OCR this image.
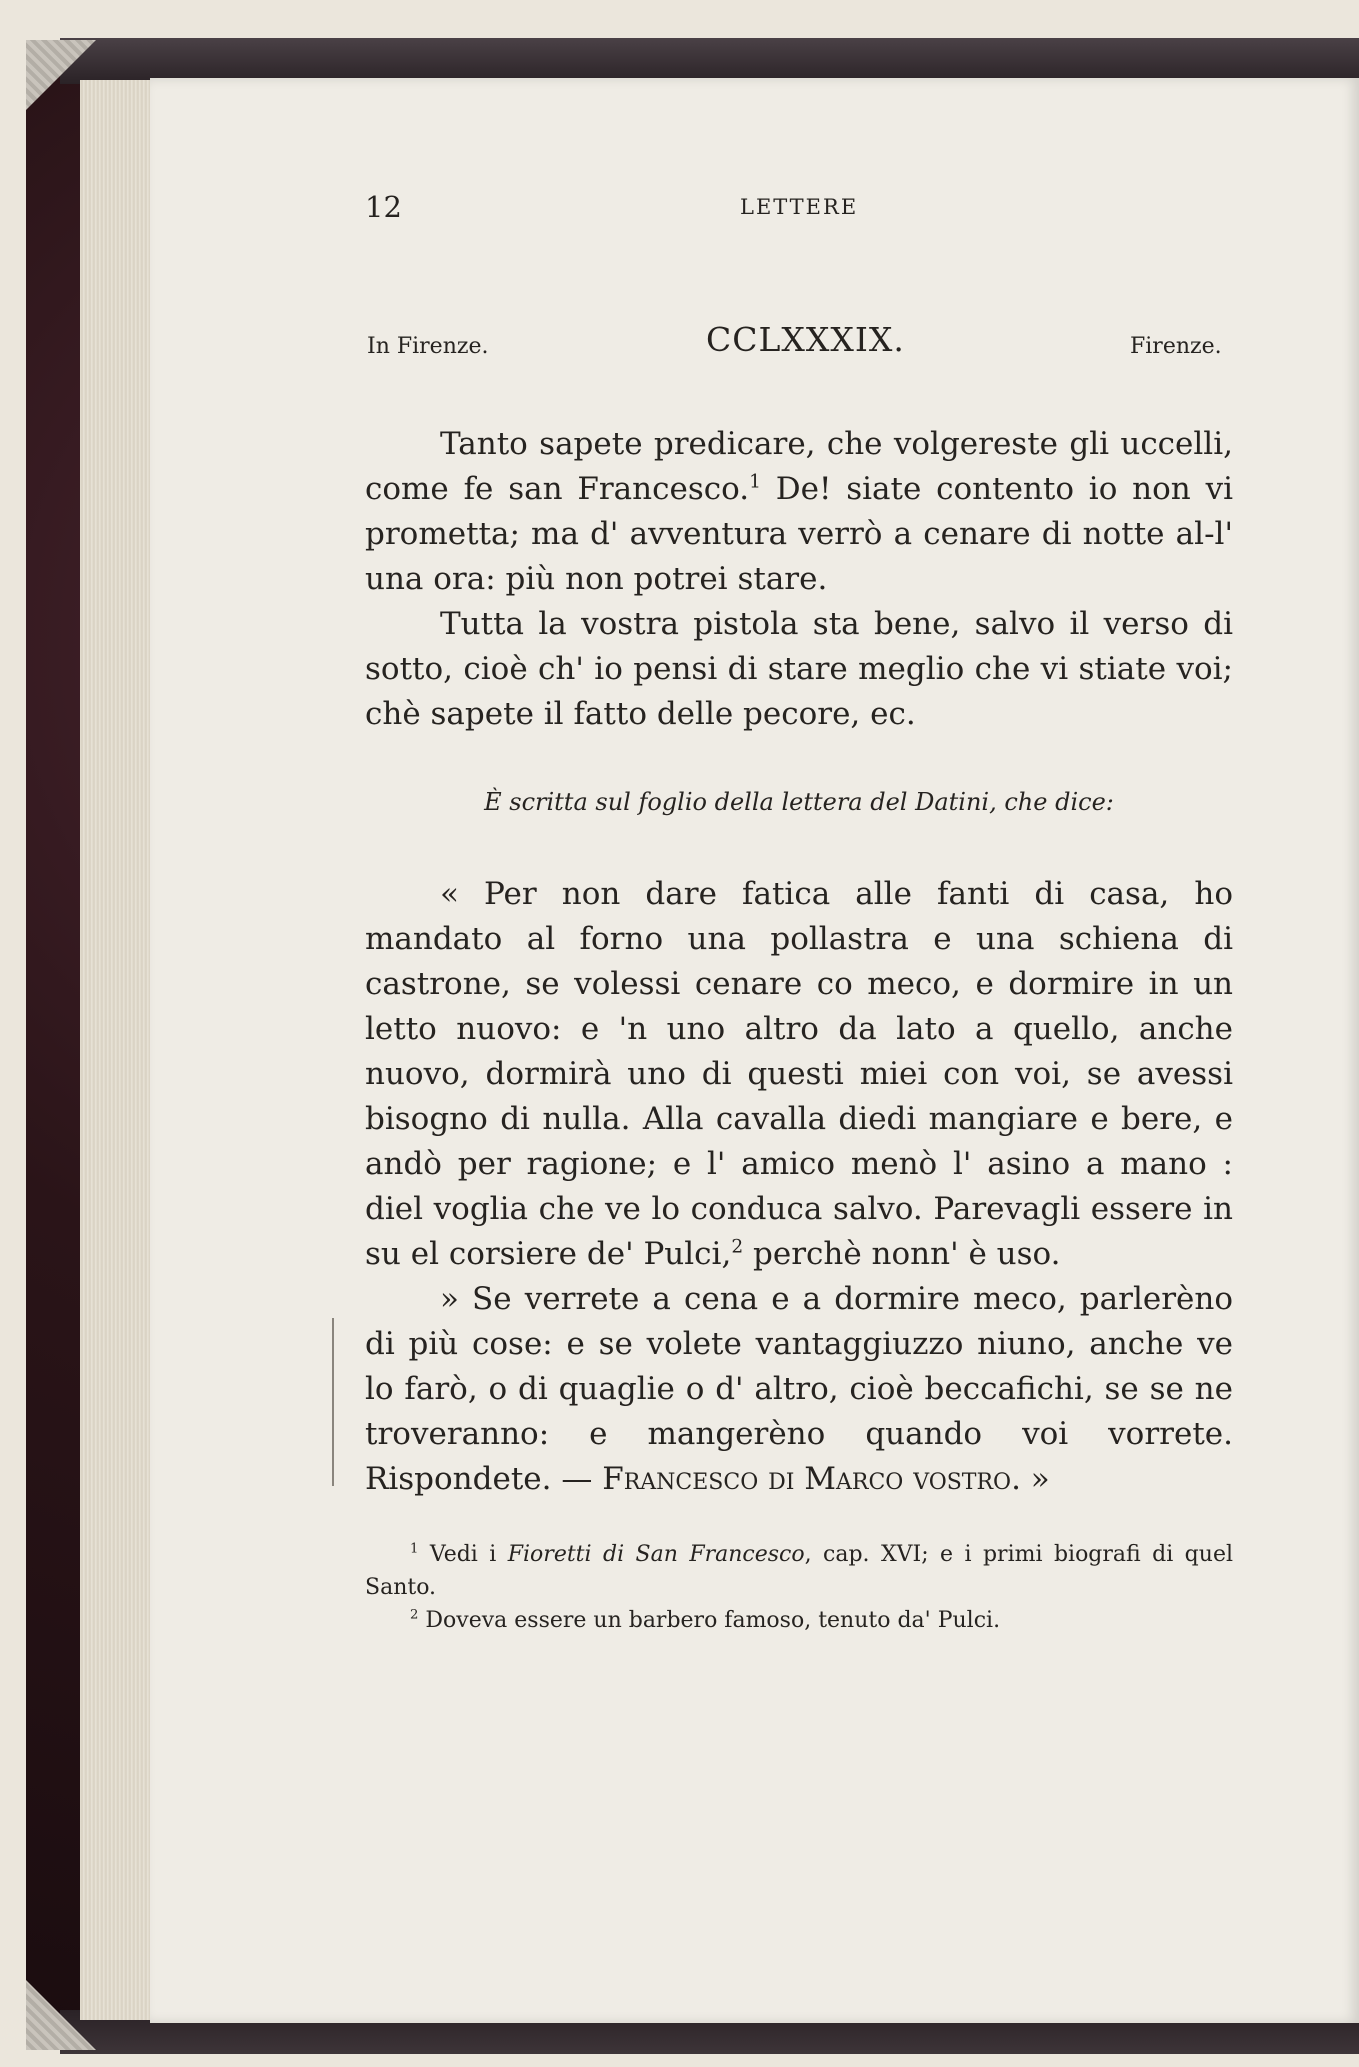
12	LETTERE
In Firenze.	CCLXXXIX.	Firenze.

Tanto sapete predicare, che volgereste gli uccelli, come fe san Francesco.$^1$ De! siate contento io non vi prometta; ma d' avventura verrò a cenare di notte al-l' una ora: più non potrei stare.

Tutta la vostra pistola sta bene, salvo il verso di sotto, cioè ch' io pensi di stare meglio che vi stiate voi; chè sapete il fatto delle pecore, ec.

È scritta sul foglio della lettera del Datini, che dice:

« Per non dare fatica alle fanti di casa, ho mandato al forno una pollastra e una schiena di castrone, se volessi cenare co meco, e dormire in un letto nuovo: e 'n uno altro da lato a quello, anche nuovo, dormirà uno di questi miei con voi, se avessi bisogno di nulla. Alla cavalla diedi mangiare e bere, e andò per ragione; e l' amico menò l' asino a mano : diel voglia che ve lo conduca salvo. Parevagli essere in su el corsiere de' Pulci,$^2$ perchè nonn' è uso.

» Se verrete a cena e a dormire meco, parlerèno di più cose: e se volete vantaggiuzzo niuno, anche ve lo farò, o di quaglie o d' altro, cioè beccafichi, se se ne troveranno: e mangerèno quando voi vorrete. Rispondete. — Francesco di Marco vostro. »

$^1$ Vedi i Fioretti di San Francesco, cap. XVI; e i primi biografi di quel Santo.

$^2$ Doveva essere un barbero famoso, tenuto da' Pulci.
